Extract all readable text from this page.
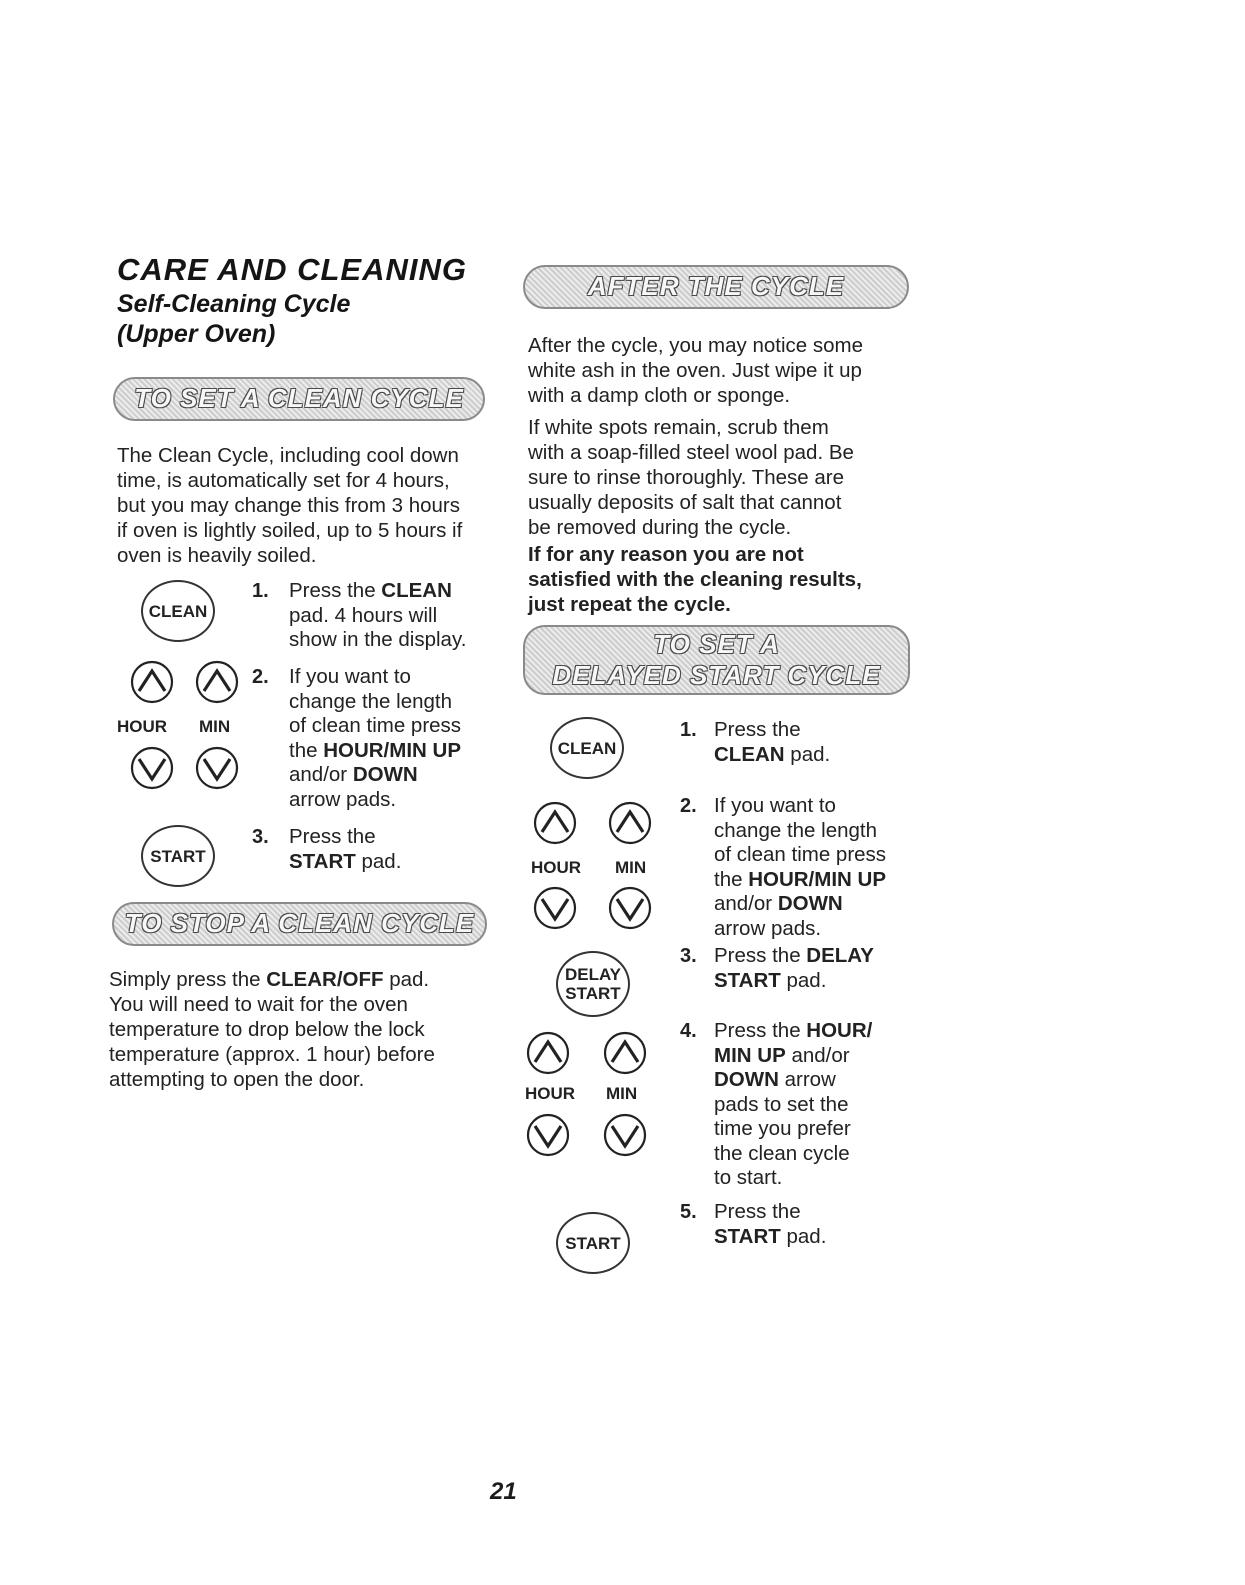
CARE AND CLEANING
Self-Cleaning Cycle
(Upper Oven)
TO SET A CLEAN CYCLE
The Clean Cycle, including cool down
time, is automatically set for 4 hours,
but you may change this from 3 hours
if oven is lightly soiled, up to 5 hours if
oven is heavily soiled.
CLEAN
1. Press the CLEAN
pad. 4 hours will
show in the display.
HOUR MIN
2. If you want to
change the length
of clean time press
the HOUR/MIN UP
and/or DOWN
arrow pads.
START
3. Press the
START pad.
TO STOP A CLEAN CYCLE
Simply press the CLEAR/OFF pad.
You will need to wait for the oven
temperature to drop below the lock
temperature (approx. 1 hour) before
attempting to open the door.
AFTER THE CYCLE
After the cycle, you may notice some
white ash in the oven. Just wipe it up
with a damp cloth or sponge.
If white spots remain, scrub them
with a soap-filled steel wool pad. Be
sure to rinse thoroughly. These are
usually deposits of salt that cannot
be removed during the cycle.
If for any reason you are not
satisfied with the cleaning results,
just repeat the cycle.
TO SET A
DELAYED START CYCLE
CLEAN
HOUR MIN
DELAY
START
HOUR MIN
START
1. Press the
CLEAN pad.
2. If you want to
change the length
of clean time press
the HOUR/MIN UP
and/or DOWN
arrow pads.
3. Press the DELAY
START pad.
4. Press the HOUR/
MIN UP and/or
DOWN arrow
pads to set the
time you prefer
the clean cycle
to start.
5. Press the
START pad.
21
